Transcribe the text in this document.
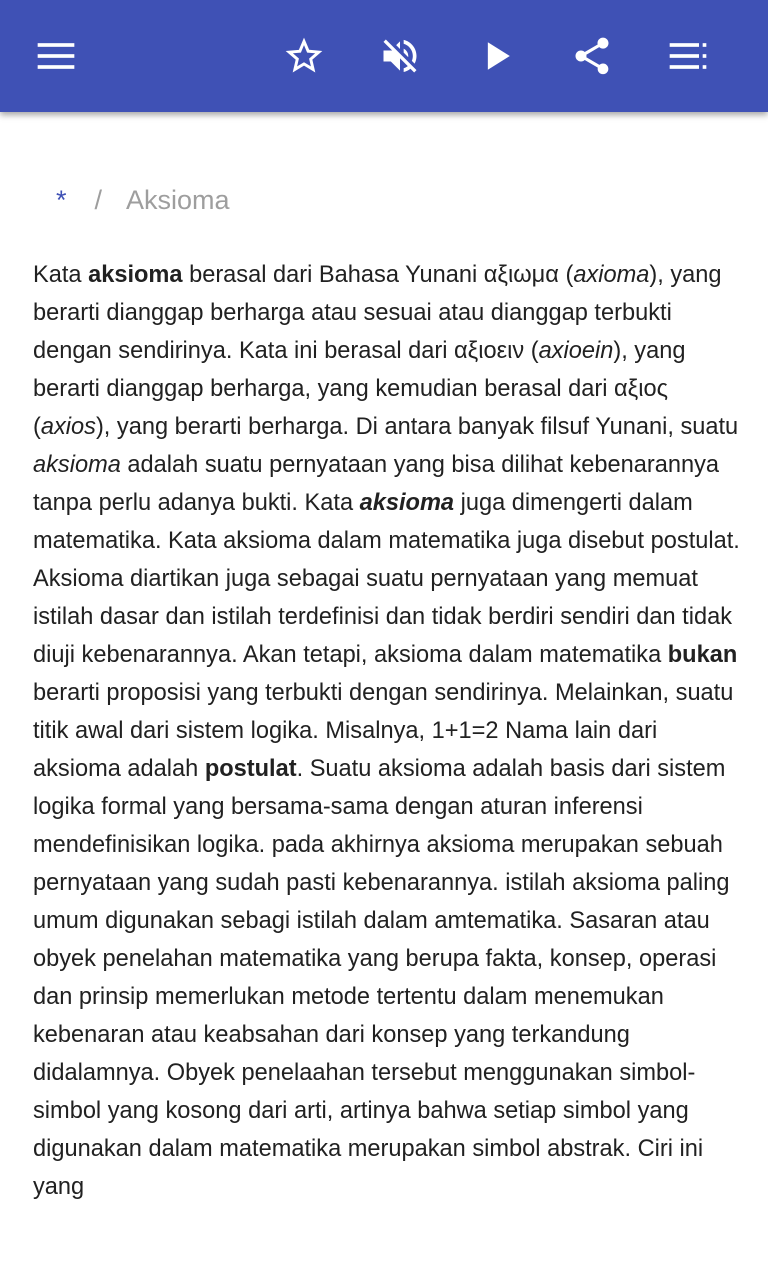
* / Aksioma

Kata aksioma berasal dari Bahasa Yunani αξιωμα (axioma), yang berarti dianggap berharga atau sesuai atau dianggap terbukti dengan sendirinya. Kata ini berasal dari αξιοειν (axioein), yang berarti dianggap berharga, yang kemudian berasal dari αξιος (axios), yang berarti berharga. Di antara banyak filsuf Yunani, suatu aksioma adalah suatu pernyataan yang bisa dilihat kebenarannya tanpa perlu adanya bukti. Kata aksioma juga dimengerti dalam matematika. Kata aksioma dalam matematika juga disebut postulat. Aksioma diartikan juga sebagai suatu pernyataan yang memuat istilah dasar dan istilah terdefinisi dan tidak berdiri sendiri dan tidak diuji kebenarannya. Akan tetapi, aksioma dalam matematika bukan berarti proposisi yang terbukti dengan sendirinya. Melainkan, suatu titik awal dari sistem logika. Misalnya, 1+1=2 Nama lain dari aksioma adalah postulat. Suatu aksioma adalah basis dari sistem logika formal yang bersama-sama dengan aturan inferensi mendefinisikan logika. pada akhirnya aksioma merupakan sebuah pernyataan yang sudah pasti kebenarannya. istilah aksioma paling umum digunakan sebagi istilah dalam amtematika. Sasaran atau obyek penelahan matematika yang berupa fakta, konsep, operasi dan prinsip memerlukan metode tertentu dalam menemukan kebenaran atau keabsahan dari konsep yang terkandung didalamnya. Obyek penelaahan tersebut menggunakan simbol-simbol yang kosong dari arti, artinya bahwa setiap simbol yang digunakan dalam matematika merupakan simbol abstrak. Ciri ini yang
